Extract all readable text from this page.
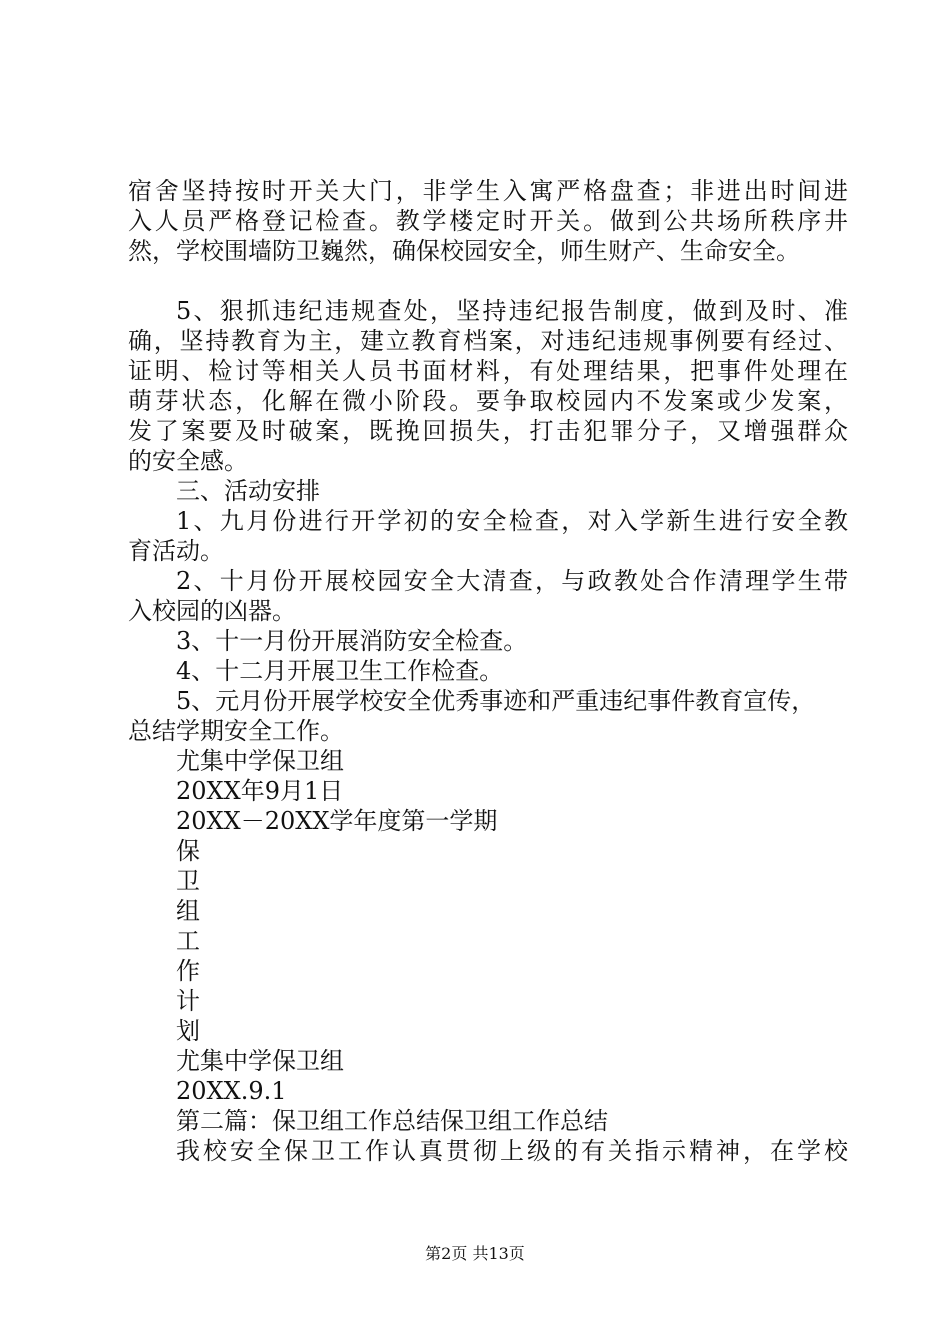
宿舍坚持按时开关大门，非学生入寓严格盘查；非进出时间进
入人员严格登记检查。教学楼定时开关。做到公共场所秩序井
然，学校围墙防卫巍然，确保校园安全，师生财产、生命安全。
5、狠抓违纪违规查处，坚持违纪报告制度，做到及时、准
确，坚持教育为主，建立教育档案，对违纪违规事例要有经过、
证明、检讨等相关人员书面材料，有处理结果，把事件处理在
萌芽状态，化解在微小阶段。要争取校园内不发案或少发案，
发了案要及时破案，既挽回损失，打击犯罪分子，又增强群众
的安全感。
三、活动安排
1、九月份进行开学初的安全检查，对入学新生进行安全教
育活动。
2、十月份开展校园安全大清查，与政教处合作清理学生带
入校园的凶器。
3、十一月份开展消防安全检查。
4、十二月开展卫生工作检查。
5、元月份开展学校安全优秀事迹和严重违纪事件教育宣传，
总结学期安全工作。
尤集中学保卫组
20XX年9月1日
20XX－20XX学年度第一学期
保
卫
组
工
作
计
划
尤集中学保卫组
20XX.9.1
第二篇：保卫组工作总结保卫组工作总结
我校安全保卫工作认真贯彻上级的有关指示精神，在学校
第2页 共13页
